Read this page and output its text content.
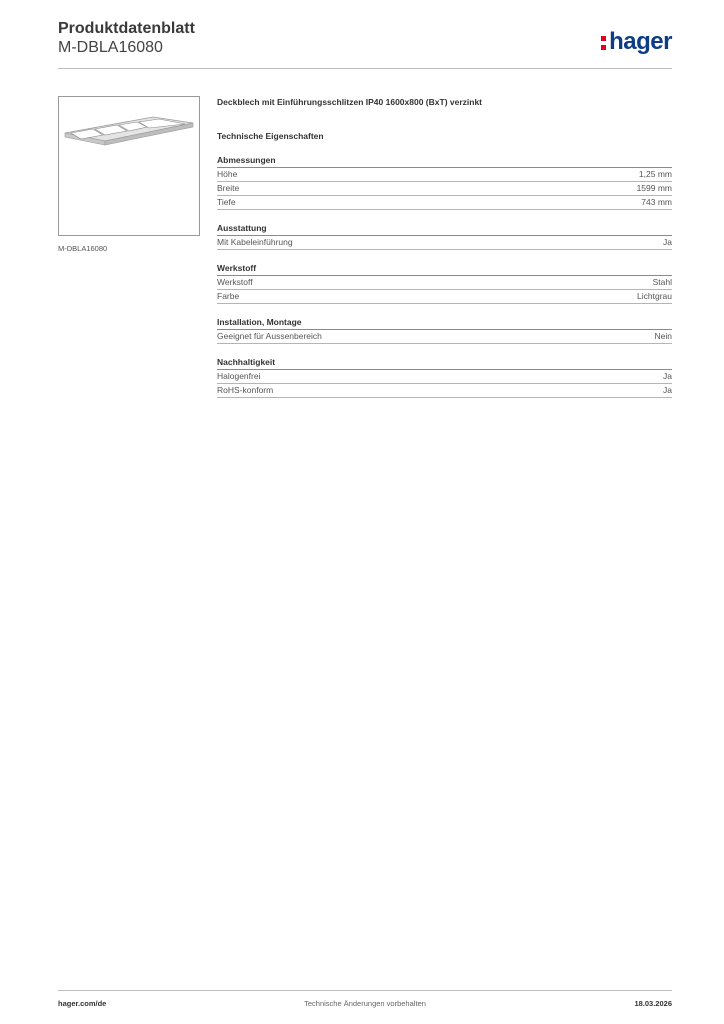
Produktdatenblatt
M-DBLA16080	hager
M-DBLA16080
Deckblech mit Einführungsschlitzen IP40 1600x800 (BxT) verzinkt
Technische Eigenschaften
Abmessungen
Höhe	1,25 mm
Breite	1599 mm
Tiefe	743 mm
Ausstattung
Mit Kabeleinführung	Ja
Werkstoff
Werkstoff	Stahl
Farbe	Lichtgrau
Installation, Montage
Geeignet für Aussenbereich	Nein
Nachhaltigkeit
Halogenfrei	Ja
RoHS-konform	Ja
hager.com/de	Technische Änderungen vorbehalten	18.03.2026
